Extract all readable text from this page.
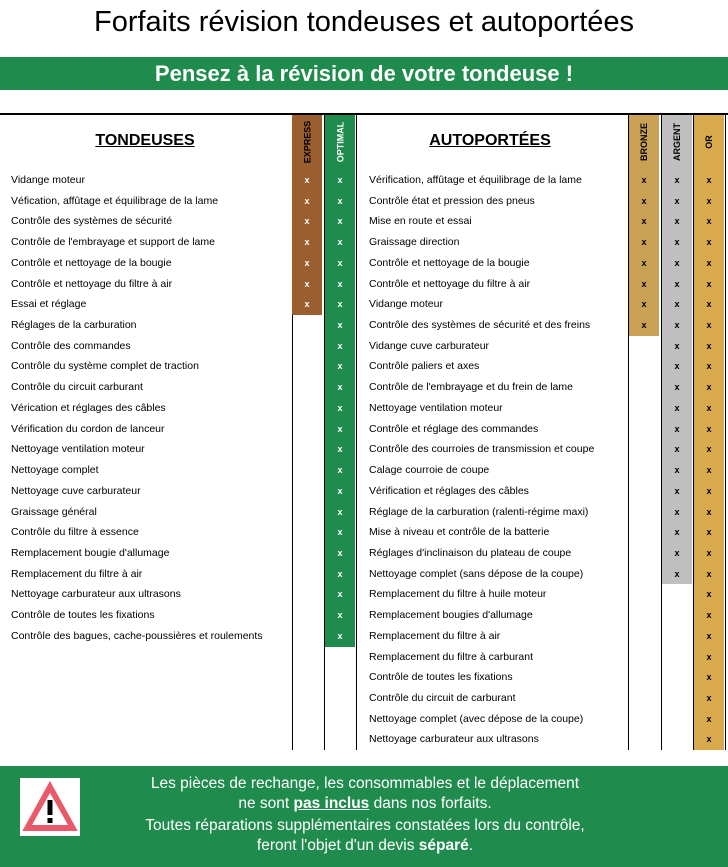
Forfaits révision tondeuses et autoportées
Pensez à la révision de votre tondeuse !
TONDEUSES	AUTOPORTÉES
EXPRESS
x
x
x
x
x
x
x
OPTIMAL
x
x
x
x
x
x
x
x
x
x
x
x
x
x
x
x
x
x
x
x
x
x
x
Vidange moteur
Véfication, affûtage et équilibrage de la lame
Contrôle des systèmes de sécurité
Contrôle de l'embrayage et support de lame
Contrôle et nettoyage de la bougie
Contrôle et nettoyage du filtre à air
Essai et réglage
Réglages de la carburation
Contrôle des commandes
Contrôle du système complet de traction
Contrôle du circuit carburant
Vérication et réglages des câbles
Vérification du cordon de lanceur
Nettoyage ventilation moteur
Nettoyage complet
Nettoyage cuve carburateur
Graissage général
Contrôle du filtre à essence
Remplacement bougie d'allumage
Remplacement du filtre à air
Nettoyage carburateur aux ultrasons
Contrôle de toutes les fixations
Contrôle des bagues, cache-poussières et roulements
BRONZE
x
x
x
x
x
x
x
x
ARGENT
x
x
x
x
x
x
x
x
x
x
x
x
x
x
x
x
x
x
x
x
OR
x
x
x
x
x
x
x
x
x
x
x
x
x
x
x
x
x
x
x
x
x
x
x
x
x
x
x
x
Vérification, affûtage et équilibrage de la lame
Contrôle état et pression des pneus
Mise en route et essai
Graissage direction
Contrôle et nettoyage de la bougie
Contrôle et nettoyage du filtre à air
Vidange moteur
Contrôle des systèmes de sécurité et des freins
Vidange cuve carburateur
Contrôle paliers et axes
Contrôle de l'embrayage et du frein de lame
Nettoyage ventilation moteur
Contrôle et réglage des commandes
Contrôle des courroies de transmission et coupe
Calage courroie de coupe
Vérification et réglages des câbles
Réglage de la carburation (ralenti-régime maxi)
Mise à niveau et contrôle de la batterie
Réglages d'inclinaison du plateau de coupe
Nettoyage complet (sans dépose de la coupe)
Remplacement du filtre à huile moteur
Remplacement bougies d'allumage
Remplacement du filtre à air
Remplacement du filtre à carburant
Contrôle de toutes les fixations
Contrôle du circuit de carburant
Nettoyage complet (avec dépose de la coupe)
Nettoyage carburateur aux ultrasons
Les pièces de rechange, les consommables et le déplacement
ne sont pas inclus dans nos forfaits.
Toutes réparations supplémentaires constatées lors du contrôle,
feront l'objet d'un devis séparé.
